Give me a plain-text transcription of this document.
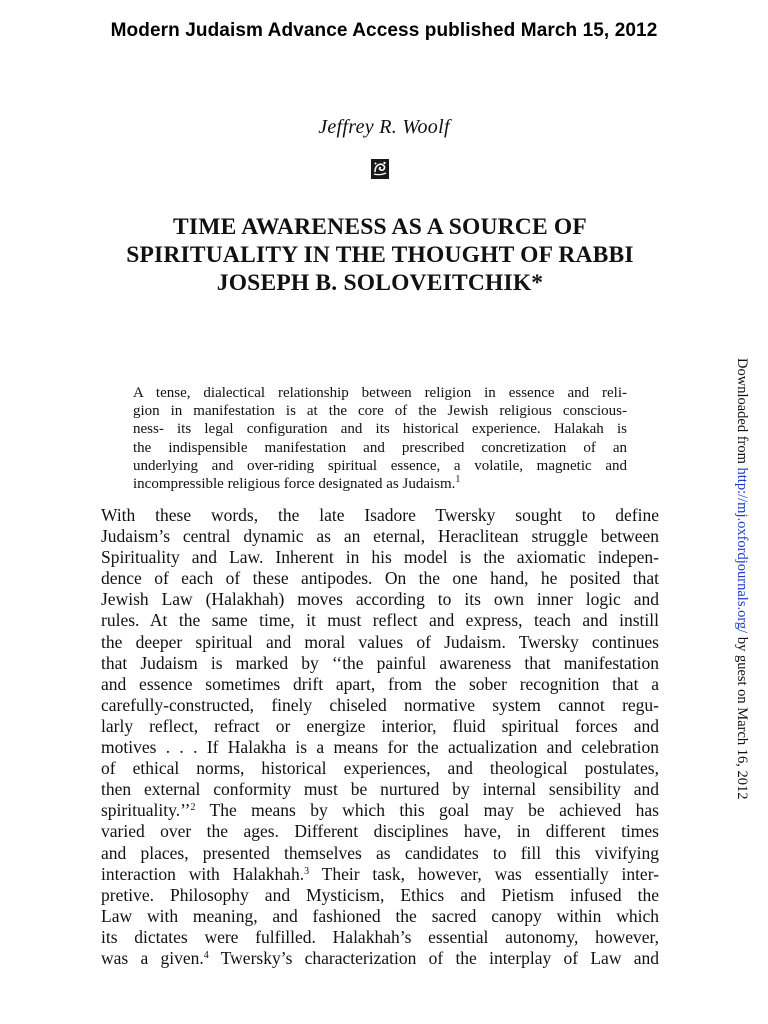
Modern Judaism Advance Access published March 15, 2012
Jeffrey R. Woolf
TIME AWARENESS AS A SOURCE OF
SPIRITUALITY IN THE THOUGHT OF RABBI
JOSEPH B. SOLOVEITCHIK*
A tense, dialectical relationship between religion in essence and reli-
gion in manifestation is at the core of the Jewish religious conscious-
ness- its legal configuration and its historical experience. Halakah is
the indispensible manifestation and prescribed concretization of an
underlying and over-riding spiritual essence, a volatile, magnetic and
incompressible religious force designated as Judaism.$^1$
With these words, the late Isadore Twersky sought to define
Judaism’s central dynamic as an eternal, Heraclitean struggle between
Spirituality and Law. Inherent in his model is the axiomatic indepen-
dence of each of these antipodes. On the one hand, he posited that
Jewish Law (Halakhah) moves according to its own inner logic and
rules. At the same time, it must reflect and express, teach and instill
the deeper spiritual and moral values of Judaism. Twersky continues
that Judaism is marked by ‘‘the painful awareness that manifestation
and essence sometimes drift apart, from the sober recognition that a
carefully-constructed, finely chiseled normative system cannot regu-
larly reflect, refract or energize interior, fluid spiritual forces and
motives . . . If Halakha is a means for the actualization and celebration
of ethical norms, historical experiences, and theological postulates,
then external conformity must be nurtured by internal sensibility and
spirituality.’’$^2$ The means by which this goal may be achieved has
varied over the ages. Different disciplines have, in different times
and places, presented themselves as candidates to fill this vivifying
interaction with Halakhah.$^3$ Their task, however, was essentially inter-
pretive. Philosophy and Mysticism, Ethics and Pietism infused the
Law with meaning, and fashioned the sacred canopy within which
its dictates were fulfilled. Halakhah’s essential autonomy, however,
was a given.$^4$ Twersky’s characterization of the interplay of Law and
Downloaded from http://mj.oxfordjournals.org/ by guest on March 16, 2012
